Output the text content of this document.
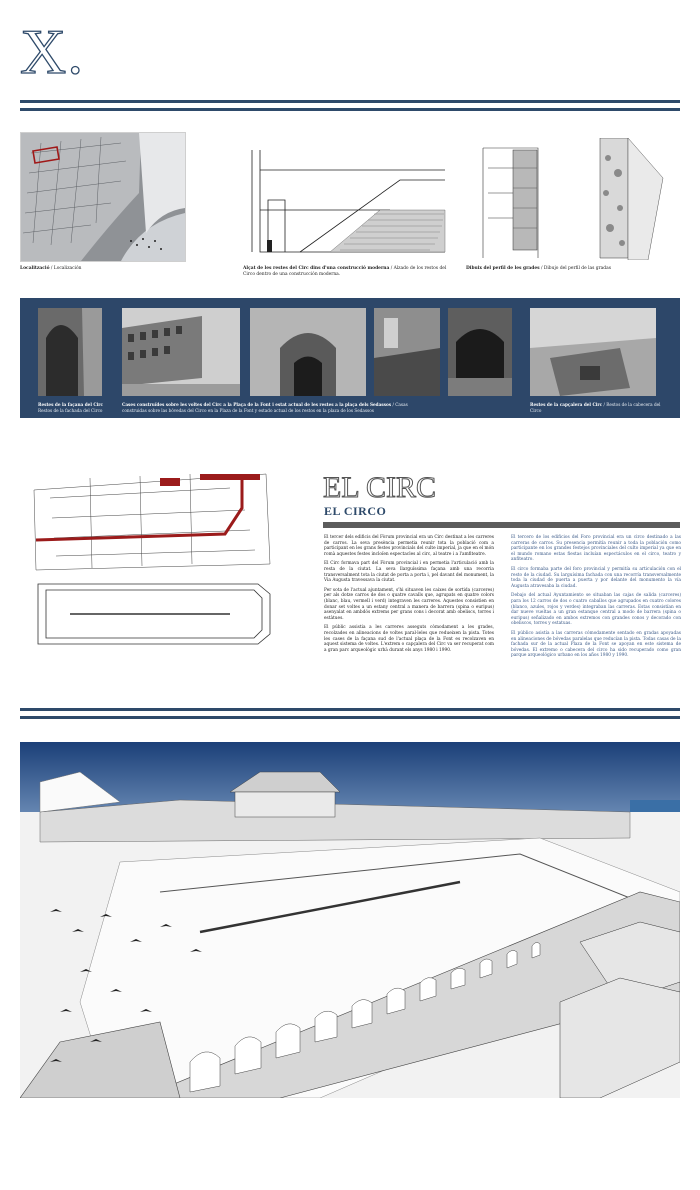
X.
Localització / Localización	Alçat de les restes del Circ dins d'una construcció moderna / Alzado de los restos del Circo dentro de una construcción moderna.
Dibuix del perfil de les grades / Dibujo del perfil de las gradas
Restes de la façana del Circ
Restos de la fachada del Circo
Cases construïdes sobre les voltes del Circ a la Plaça de la Font i estat actual de les restes a la plaça dels Sedassos / Casas construidas sobre las bóvedas del Circo en la Plaza de la Font y estado actual de los restos en la plaza de los Sedassos
Restes de la capçalera del Circ / Restos de la cabecera del Circo
EL CIRC
EL CIRCO

El tercer dels edificis del Fòrum provincial era un Circ destinat a les carreres de carros. La seva presència permetia reunir tota la població com a participant en les grans festes provincials del culte imperial, ja que en el món romà aquestes festes incloïen espectacles al circ, al teatre i a l'amfiteatre.

El Circ formava part del Fòrum provincial i en permetia l'articulació amb la resta de la ciutat. La seva llarguíssima façana amb una recorria transversalment tota la ciutat de porta a porta i, pel davant del monument, la Via Augusta travessava la ciutat.

Per sota de l'actual ajuntament, s'hi situaven les caixes de sortida (carceres) per als dotze carros de dos o quatre cavalls que, agrupats en quatre colors (blanc, blau, vermell i verd) integraven les carreres. Aquestes consistien en donar set voltes a un estany central a manera de barrera (spina o euripus) asenyalat en ambdós extrems per grans cons i decorat amb obeliscs, torres i estàtues.

El públic assistia a les carreres asseguts còmodament a les grades, recolzades en alineacions de voltes paral·leles que redueixen la pista. Totes les cases de la façana sud de l'actual plaça de la Font es recolzaven en aquest sistema de voltes. L'extrem o capçalera del Circ va ser recuperat com a gran parc arqueològic urbà durant els anys 1980 i 1990.

El tercero de los edificios del Foro provincial era un circo destinado a las carreras de carros. Su presencia permitía reunir a toda la población como participante en los grandes festejos provinciales del culto imperial ya que en el mundo romano estas fiestas incluían espectáculos en el circo, teatro y anfiteatro.

El circo formaba parte del foro provincial y permitía su articulación con el resto de la ciudad. Su larguísima fachada con una recorría transversalmente toda la ciudad de puerta a puerta y por delante del monumento la vía Augusta atravesaba la ciudad.

Debajo del actual Ayuntamiento se situaban las cajas de salida (carceres) para los 12 carros de dos o cuatro caballos que agrupados en cuatro colores (blanco, azules, rojos y verdes) integraban las carreras. Estas consistían en dar nueve vueltas a un gran estanque central a modo de barrera (spina o euripus) señalizado en ambos extremos con grandes conos y decorado con obeliscos, torres y estatuas.

El público asistía a las carreras cómodamente sentado en gradas apoyadas en alineaciones de bóvedas paralelas que reducían la pista. Todas casas de la fachada sur de la actual Plaza de la Font se apoyan en este sistema de bóvedas. El extremo o cabecera del circo ha sido recuperado como gran parque arqueológico urbano en los años 1980 y 1990.
